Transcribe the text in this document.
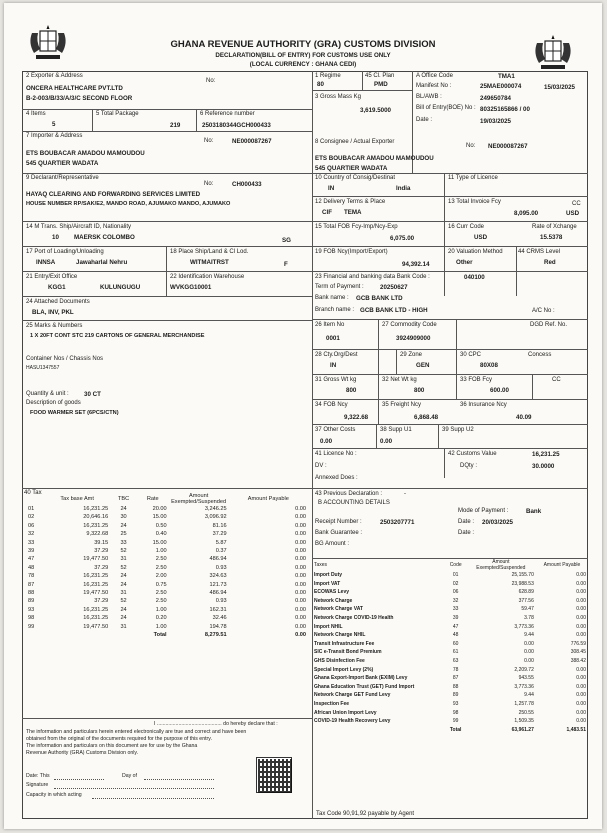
GHANA REVENUE AUTHORITY (GRA) CUSTOMS DIVISION
DECLARATION(BILL OF ENTRY) FOR CUSTOMS USE ONLY
(LOCAL CURRENCY : GHANA CEDI)
2 Exporter & Address
No:
ONCERA HEALTHCARE PVT.LTD
B-2-003/B/33/A/3/C SECOND FLOOR
1 Regime
80
45 Cl. Plan
PMD
3 Gross Mass Kg
3,619.5000
A Office Code	TMA1
Manifest No :	25MAE000074	15/03/2025
BL/AWB :	249650784
Bill of Entry(BOE) No : 80325165866 / 00
Date :	19/03/2025
4 Items
5
5 Total Package
219
6 Reference number
2503180344GCH000433
7 Importer & Address
No:	NE000087267
ETS BOUBACAR AMADOU MAMOUDOU
545 QUARTIER WADATA
8 Consignee / Actual Exporter
No: NE000087267
ETS BOUBACAR AMADOU MAMOUDOU
545 QUARTIER WADATA
9 Declarant/Representative
No:	CH000433
HAYAQ CLEARING AND FORWARDING SERVICES LIMITED
HOUSE NUMBER RP/SAK/E2, MANDO ROAD, AJUMAKO MANDO, AJUMAKO
10 Country of Consig/Destinat
IN	India
11 Type of Licence
12 Delivery Terms & Place
CIF TEMA
13 Total Invoice Fcy	CC
8,095.00	USD
14 M Trans. Ship/Aircraft ID, Nationality
10 MAERSK COLOMBO	SG
15 Total FOB Fcy-Imp/Ncy-Exp
6,075.00
16 Curr Code
USD
Rate of Xchange
15.5378
17 Port of Loading/Unloading
INNSA	Jawaharlal Nehru
18 Place Ship/Land & Cl Lod.
WITMAITRST	F
19 FOB Ncy(Import/Export)
94,392.14
20 Valuation Method
Other
44 CRMS Level
Red
21 Entry/Exit Office
KGG1	KULUNGUGU
22 Identification Warehouse
WVKGG10001
23 Financial and banking data Bank Code :	040100
Term of Payment :	20250627
Bank name : GCB BANK LTD
Branch name : GCB BANK LTD - HIGH	A/C No :
24 Attached Documents
BLA, INV, PKL
25 Marks & Numbers
1 X 20FT CONT STC 219 CARTONS OF GENERAL MERCHANDISE
Container Nos / Chassis Nos
HASU1347557
Quantity & unit : 30 CT
Description of goods
FOOD WARMER SET (6PCS/CTN)
26 Item No
0001
27 Commodity Code
3924909000
DGD Ref. No.
28 Cty.Org/Dest
IN
29 Zone
GEN
30 CPC
80X08
Concess
31 Gross Wt kg
800
32 Net Wt kg
800
33 FOB Fcy
600.00
CC
34 FOB Ncy
9,322.68
35 Freight Ncy
6,868.48
36 Insurance Ncy
40.09
37 Other Costs
0.00
38 Supp U1
0.00
39 Supp U2
41 Licence No :
DV :
42 Customs Value	16,231.25
DQty :	30.0000
Annexed Does :
40 Tax
	Tax base Amt	TBC	Rate	Amount Exempted/Suspended	Amount Payable
01	16,231.25	24	20.00	3,246.25	0.00
02	20,646.16	30	15.00	3,096.92	0.00
06	16,231.25	24	0.50	81.16	0.00
32	9,322.68	25	0.40	37.29	0.00
33	39.15	33	15.00	5.87	0.00
39	37.29	52	1.00	0.37	0.00
47	19,477.50	31	2.50	486.94	0.00
48	37.29	52	2.50	0.93	0.00
78	16,231.25	24	2.00	324.63	0.00
87	16,231.25	24	0.75	121.73	0.00
88	19,477.50	31	2.50	486.94	0.00
89	37.29	52	2.50	0.93	0.00
93	16,231.25	24	1.00	162.31	0.00
98	16,231.25	24	0.20	32.46	0.00
99	19,477.50	31	1.00	194.78	0.00
			Total	8,279.51	0.00
43 Previous Declaration :	-
B ACCOUNTING DETAILS
Mode of Payment :	Bank
Receipt Number :	2503207771	Date : 20/03/2025
Bank Guarantee :	Date :
BG Amount :
Taxes	Code	Amount Exempted/Suspended	Amount Payable
Import Duty	01	25,155.70	0.00
Import VAT	02	23,988.53	0.00
ECOWAS Levy	06	628.89	0.00
Network Charge	32	377.56	0.00
Network Charge VAT	33	59.47	0.00
Network Charge COVID-19 Health	39	3.78	0.00
Import NHIL	47	3,773.36	0.00
Network Charge NHIL	48	9.44	0.00
Transit Infrastructure Fee	60	0.00	776.59
SIC e-Transit Bond Premium	61	0.00	308.45
GHS Disinfection Fee	63	0.00	388.42
Special Import Levy (2%)	78	2,209.72	0.00
Ghana Export-Import Bank (EXIM) Levy	87	943.55	0.00
Ghana Education Trust (GET) Fund Import	88	3,773.36	0.00
Network Charge GET Fund Levy	89	9.44	0.00
Inspection Fee	93	1,257.78	0.00
African Union Import Levy	98	250.55	0.00
COVID-19 Health Recovery Levy	99	1,509.35	0.00
	Total	63,961.27	1,483.51
I ............................................. do hereby declare that :
The information and particulars herein entered electronically are true and correct and have been
obtained from the original of the documents required for the purpose of this entry.
The information and particulars on this document are for use by the Ghana
Revenue Authority (GRA) Customs Division only.
Date: This	Day of
Signature
Capacity in which acting
Tax Code 90,91,92 payable by Agent
